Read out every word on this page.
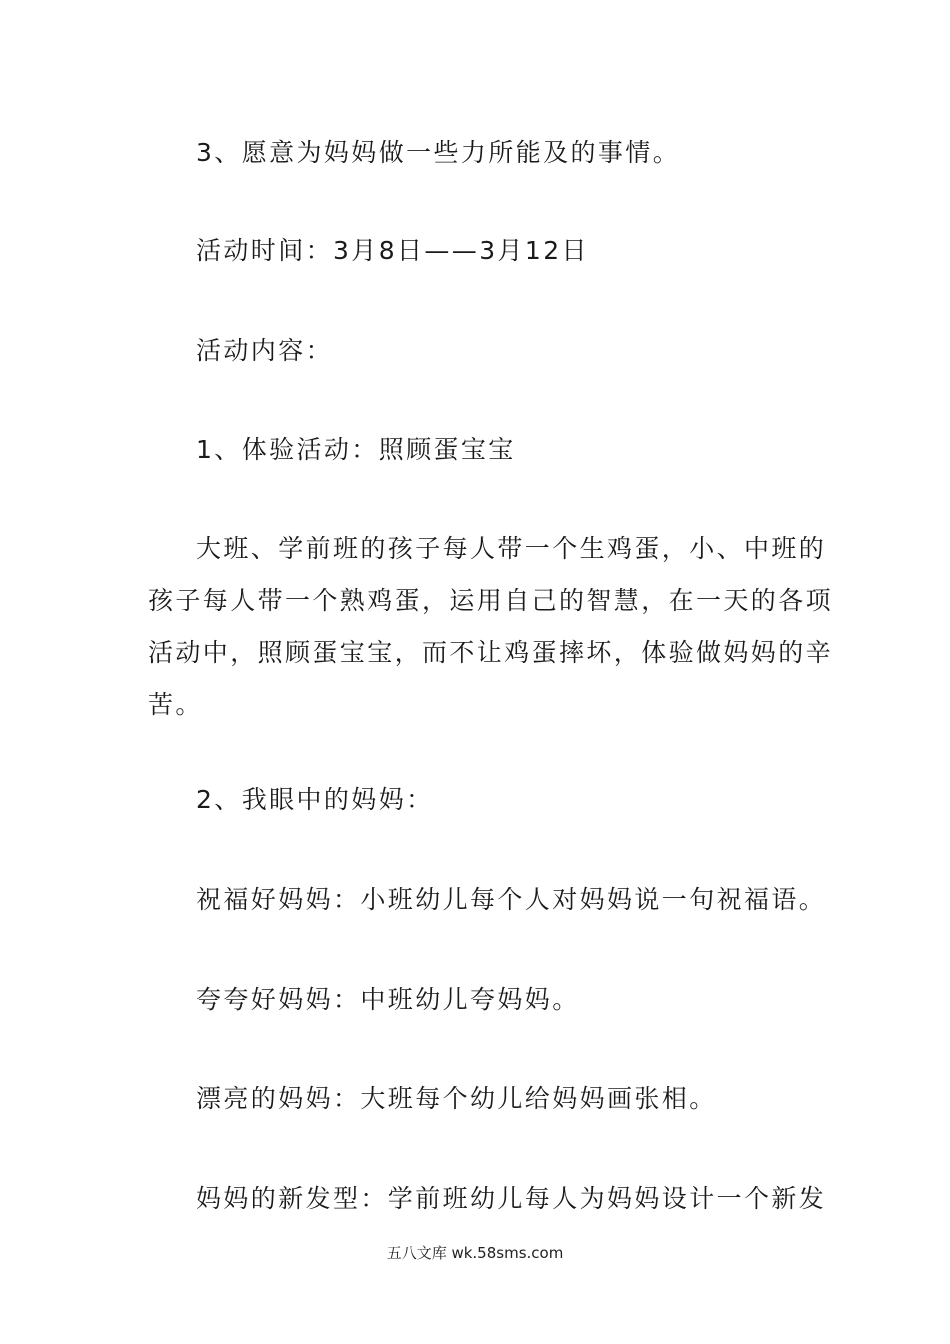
3、愿意为妈妈做一些力所能及的事情。
活动时间：3月8日——3月12日
活动内容：
1、体验活动：照顾蛋宝宝
大班、学前班的孩子每人带一个生鸡蛋，小、中班的
孩子每人带一个熟鸡蛋，运用自己的智慧，在一天的各项
活动中，照顾蛋宝宝，而不让鸡蛋摔坏，体验做妈妈的辛
苦。
2、我眼中的妈妈：
祝福好妈妈：小班幼儿每个人对妈妈说一句祝福语。
夸夸好妈妈：中班幼儿夸妈妈。
漂亮的妈妈：大班每个幼儿给妈妈画张相。
妈妈的新发型：学前班幼儿每人为妈妈设计一个新发
五八文库 wk.58sms.com
